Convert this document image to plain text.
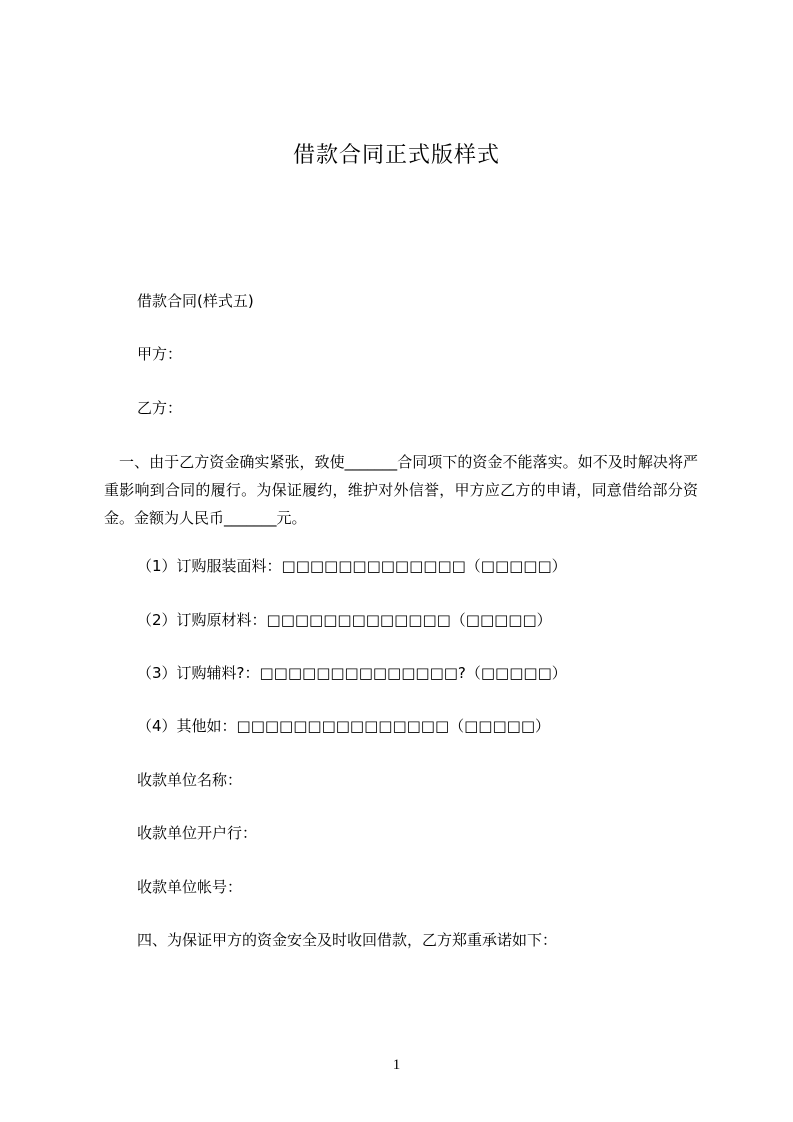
借款合同正式版样式
借款合同(样式五)
甲方：
乙方：
　一、由于乙方资金确实紧张，致使_______合同项下的资金不能落实。如不及时解决将严重影响到合同的履行。为保证履约，维护对外信誉，甲方应乙方的申请，同意借给部分资金。金额为人民币_______元。
（1）订购服装面料：□□□□□□□□□□□□□（□□□□□）
（2）订购原材料：□□□□□□□□□□□□□（□□□□□）
（3）订购辅料?：□□□□□□□□□□□□□□?（□□□□□）
（4）其他如：□□□□□□□□□□□□□□□（□□□□□）
收款单位名称：
收款单位开户行：
收款单位帐号：
四、为保证甲方的资金安全及时收回借款，乙方郑重承诺如下：
1
